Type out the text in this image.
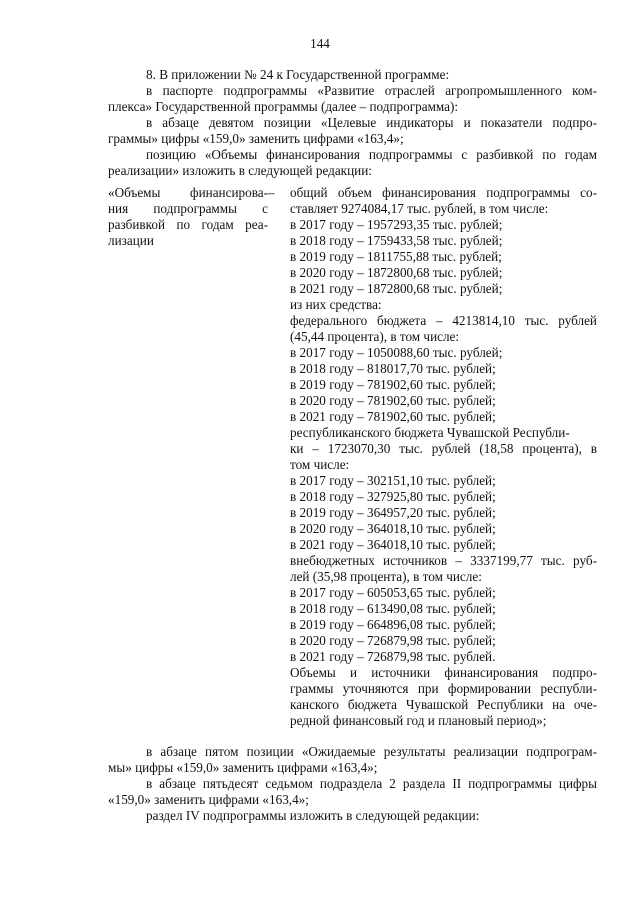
144
8. В приложении № 24 к Государственной программе:
в паспорте подпрограммы «Развитие отраслей агропромышленного ком-
плекса» Государственной программы (далее – подпрограмма):
в абзаце девятом позиции «Целевые индикаторы и показатели подпро-
граммы» цифры «159,0» заменить цифрами «163,4»;
позицию «Объемы финансирования подпрограммы с разбивкой по годам
реализации» изложить в следующей редакции:
«Объемы финансирова-
ния подпрограммы с
разбивкой по годам реа-
лизации
– общий объем финансирования подпрограммы со-
ставляет 9274084,17 тыс. рублей, в том числе:
в 2017 году – 1957293,35 тыс. рублей;
в 2018 году – 1759433,58 тыс. рублей;
в 2019 году – 1811755,88 тыс. рублей;
в 2020 году – 1872800,68 тыс. рублей;
в 2021 году – 1872800,68 тыс. рублей;
из них средства:
федерального бюджета – 4213814,10 тыс. рублей
(45,44 процента), в том числе:
в 2017 году – 1050088,60 тыс. рублей;
в 2018 году – 818017,70 тыс. рублей;
в 2019 году – 781902,60 тыс. рублей;
в 2020 году – 781902,60 тыс. рублей;
в 2021 году – 781902,60 тыс. рублей;
республиканского бюджета Чувашской Республи-
ки – 1723070,30 тыс. рублей (18,58 процента), в
том числе:
в 2017 году – 302151,10 тыс. рублей;
в 2018 году – 327925,80 тыс. рублей;
в 2019 году – 364957,20 тыс. рублей;
в 2020 году – 364018,10 тыс. рублей;
в 2021 году – 364018,10 тыс. рублей;
внебюджетных источников – 3337199,77 тыс. руб-
лей (35,98 процента), в том числе:
в 2017 году – 605053,65 тыс. рублей;
в 2018 году – 613490,08 тыс. рублей;
в 2019 году – 664896,08 тыс. рублей;
в 2020 году – 726879,98 тыс. рублей;
в 2021 году – 726879,98 тыс. рублей.
Объемы и источники финансирования подпро-
граммы уточняются при формировании республи-
канского бюджета Чувашской Республики на оче-
редной финансовый год и плановый период»;
в абзаце пятом позиции «Ожидаемые результаты реализации подпрограм-
мы» цифры «159,0» заменить цифрами «163,4»;
в абзаце пятьдесят седьмом подраздела 2 раздела II подпрограммы цифры
«159,0» заменить цифрами «163,4»;
раздел IV подпрограммы изложить в следующей редакции:
